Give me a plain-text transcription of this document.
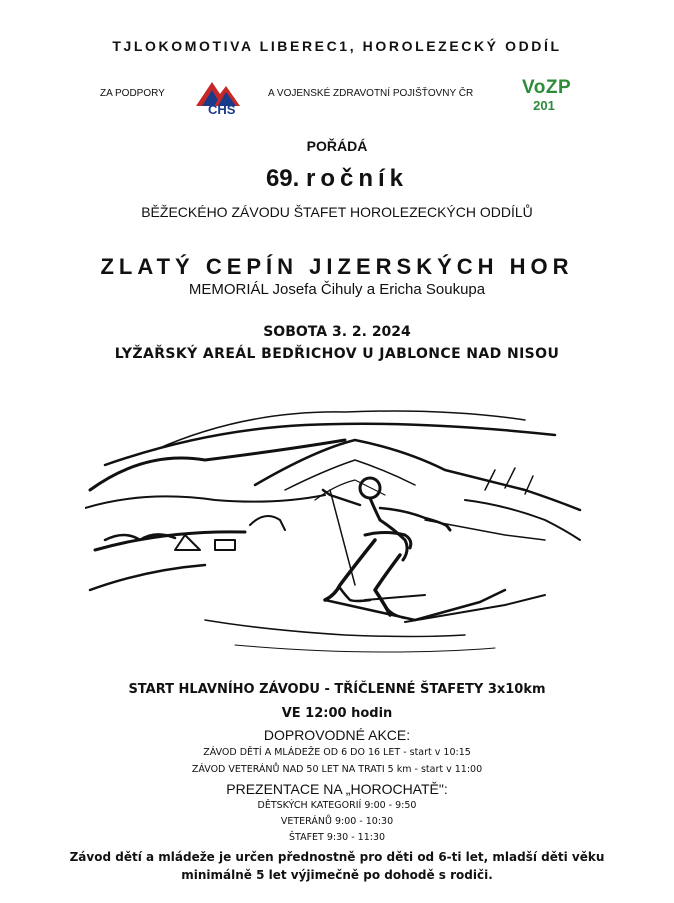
TJLOKOMOTIVA LIBEREC1, HOROLEZECKÝ ODDÍL
ZA PODPORY
CHS
A VOJENSKÉ ZDRAVOTNÍ POJIŠŤOVNY ČR	VoZP
201
POŘÁDÁ
69. ročník
BĚŽECKÉHO ZÁVODU ŠTAFET HOROLEZECKÝCH ODDÍLŮ
ZLATÝ CEPÍN JIZERSKÝCH HOR
MEMORIÁL Josefa Čihuly a Ericha Soukupa
SOBOTA 3. 2. 2024
LYŽAŘSKÝ AREÁL BEDŘICHOV U JABLONCE NAD NISOU
START HLAVNÍHO ZÁVODU - TŘÍČLENNÉ ŠTAFETY 3x10km
VE 12:00 hodin
DOPROVODNÉ AKCE:
ZÁVOD DĚTÍ A MLÁDEŽE OD 6 DO 16 LET - start v 10:15
ZÁVOD VETERÁNŮ NAD 50 LET NA TRATI 5 km - start v 11:00
PREZENTACE NA „HOROCHATĚ":
DĚTSKÝCH KATEGORIÍ 9:00 - 9:50
VETERÁNŮ 9:00 - 10:30
ŠTAFET 9:30 - 11:30
Závod dětí a mládeže je určen přednostně pro děti od 6-ti let, mladší děti věku
minimálně 5 let výjimečně po dohodě s rodiči.
